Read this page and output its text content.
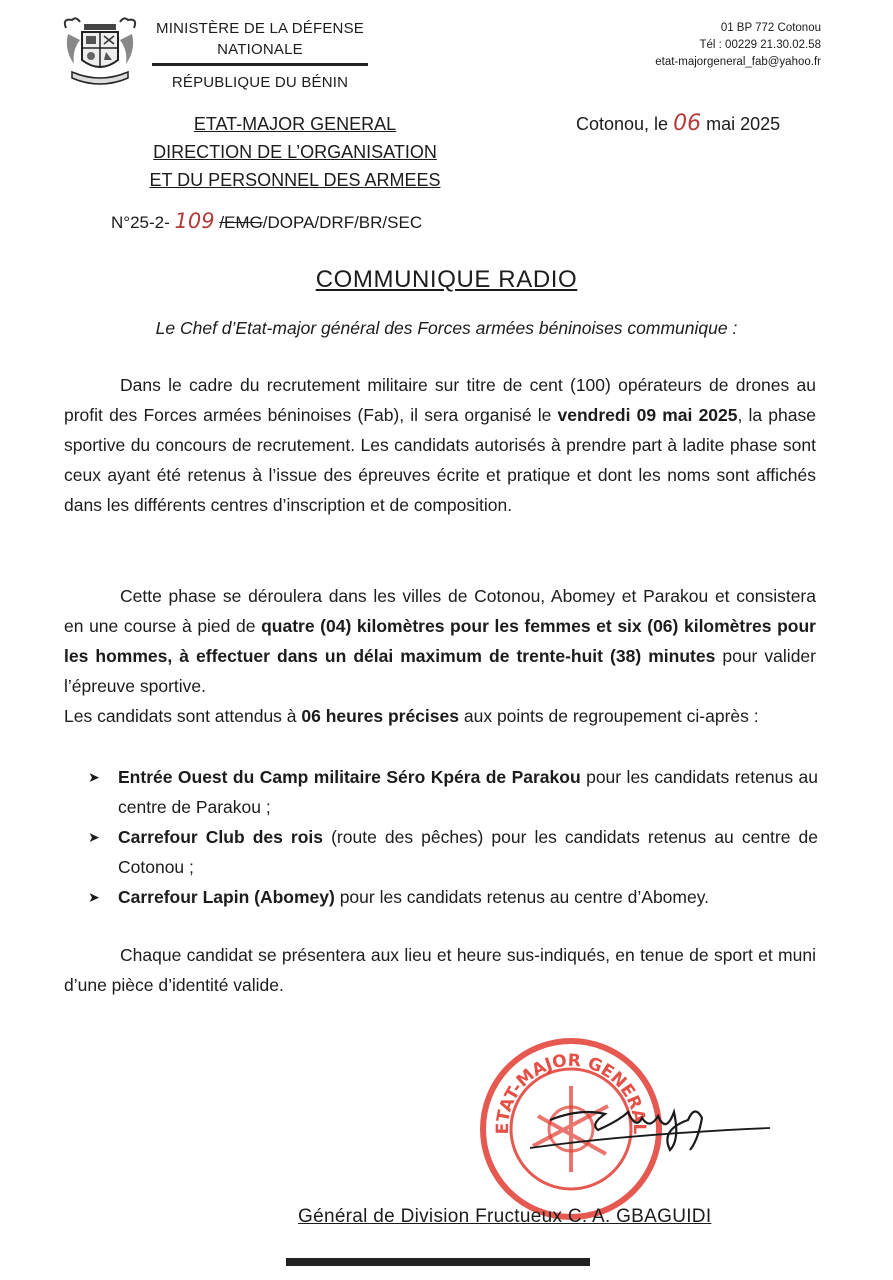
MINISTÈRE DE LA DÉFENSE
NATIONALE
RÉPUBLIQUE DU BÉNIN
01 BP 772 Cotonou
Tél : 00229 21.30.02.58
etat-majorgeneral_fab@yahoo.fr
ETAT-MAJOR GENERAL
DIRECTION DE L’ORGANISATION
ET DU PERSONNEL DES ARMEES
Cotonou, le 06 mai 2025
N°25-2- 109 /EMG/DOPA/DRF/BR/SEC
COMMUNIQUE RADIO
Le Chef d’Etat-major général des Forces armées béninoises communique :
Dans le cadre du recrutement militaire sur titre de cent (100) opérateurs de drones au profit des Forces armées béninoises (Fab), il sera organisé le vendredi 09 mai 2025, la phase sportive du concours de recrutement. Les candidats autorisés à prendre part à ladite phase sont ceux ayant été retenus à l’issue des épreuves écrite et pratique et dont les noms sont affichés dans les différents centres d’inscription et de composition.
Cette phase se déroulera dans les villes de Cotonou, Abomey et Parakou et consistera en une course à pied de quatre (04) kilomètres pour les femmes et six (06) kilomètres pour les hommes, à effectuer dans un délai maximum de trente-huit (38) minutes pour valider l’épreuve sportive.
Les candidats sont attendus à 06 heures précises aux points de regroupement ci-après :
➤	Entrée Ouest du Camp militaire Séro Kpéra de Parakou pour les candidats retenus au centre de Parakou ;
➤	Carrefour Club des rois (route des pêches) pour les candidats retenus au centre de Cotonou ;
➤	Carrefour Lapin (Abomey) pour les candidats retenus au centre d’Abomey.
Chaque candidat se présentera aux lieu et heure sus-indiqués, en tenue de sport et muni d’une pièce d’identité valide.
ETAT-MAJOR GENERAL
Général de Division Fructueux C. A. GBAGUIDI
